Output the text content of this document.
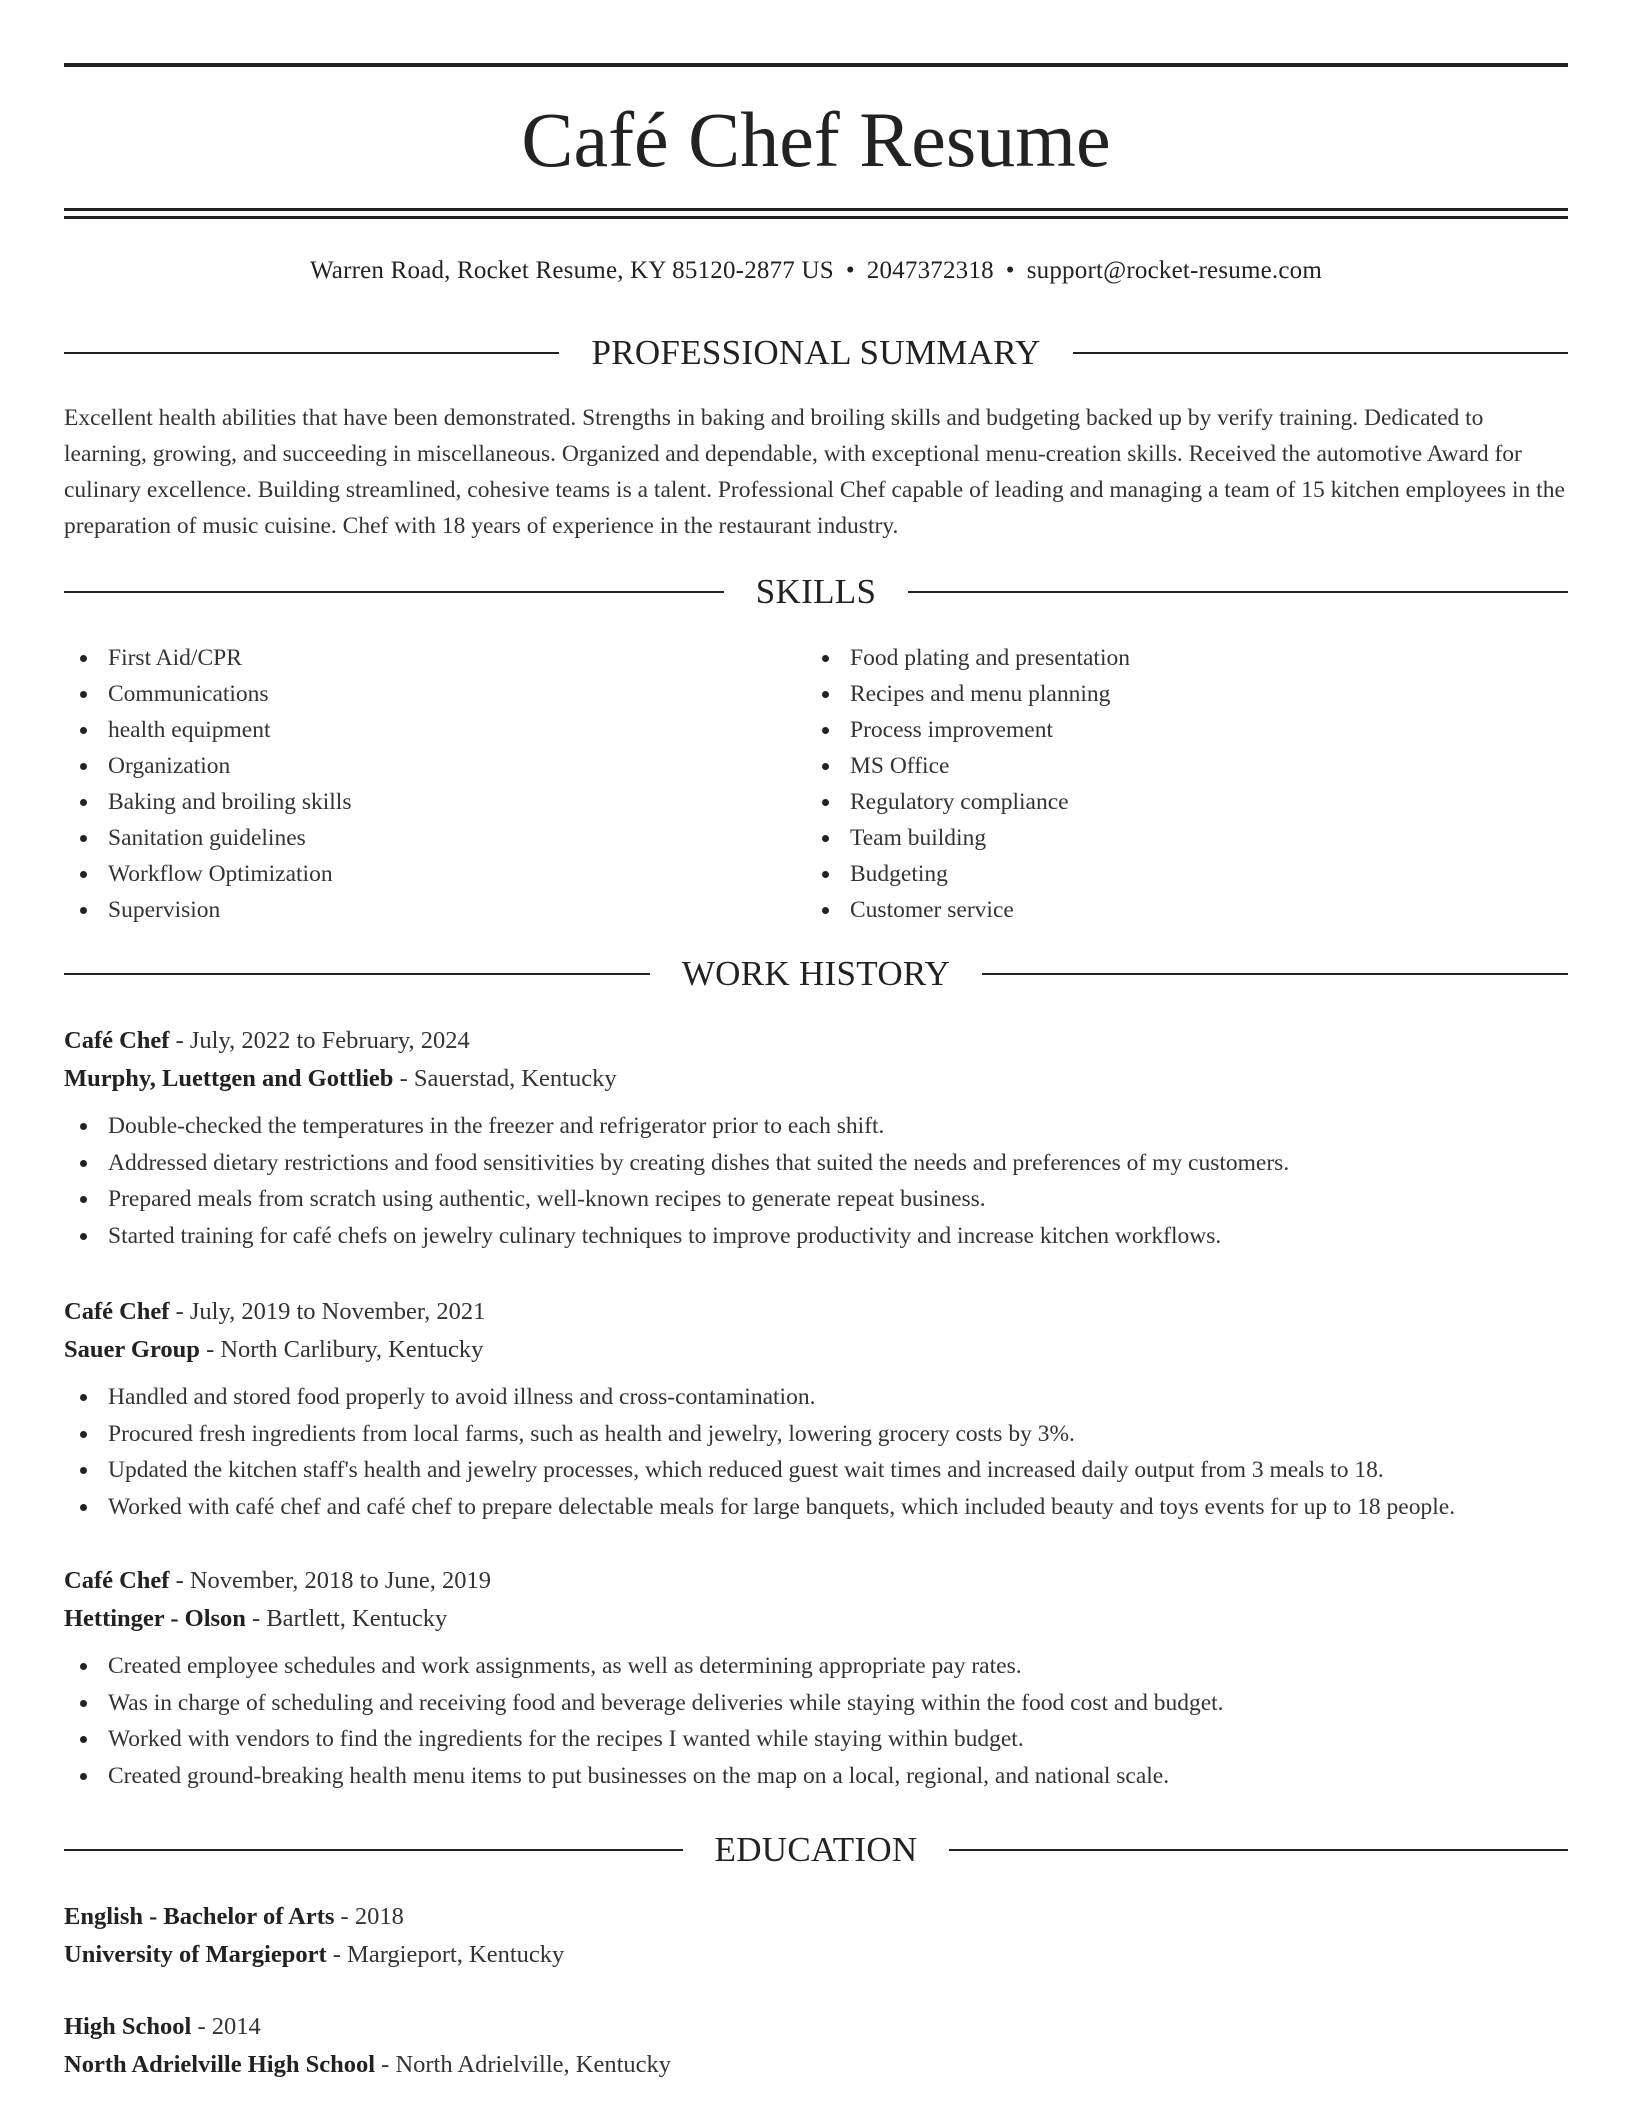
Café Chef Resume
Warren Road, Rocket Resume, KY 85120-2877 US • 2047372318 • support@rocket-resume.com
PROFESSIONAL SUMMARY

Excellent health abilities that have been demonstrated. Strengths in baking and broiling skills and budgeting backed up by verify training. Dedicated to learning, growing, and succeeding in miscellaneous. Organized and dependable, with exceptional menu-creation skills. Received the automotive Award for culinary excellence. Building streamlined, cohesive teams is a talent. Professional Chef capable of leading and managing a team of 15 kitchen employees in the preparation of music cuisine. Chef with 18 years of experience in the restaurant industry.

SKILLS
First Aid/CPR
Communications
health equipment
Organization
Baking and broiling skills
Sanitation guidelines
Workflow Optimization
Supervision
Food plating and presentation
Recipes and menu planning
Process improvement
MS Office
Regulatory compliance
Team building
Budgeting
Customer service
WORK HISTORY
Café Chef - July, 2022 to February, 2024
Murphy, Luettgen and Gottlieb - Sauerstad, Kentucky
Double-checked the temperatures in the freezer and refrigerator prior to each shift.
Addressed dietary restrictions and food sensitivities by creating dishes that suited the needs and preferences of my customers.
Prepared meals from scratch using authentic, well-known recipes to generate repeat business.
Started training for café chefs on jewelry culinary techniques to improve productivity and increase kitchen workflows.
Café Chef - July, 2019 to November, 2021
Sauer Group - North Carlibury, Kentucky
Handled and stored food properly to avoid illness and cross-contamination.
Procured fresh ingredients from local farms, such as health and jewelry, lowering grocery costs by 3%.
Updated the kitchen staff's health and jewelry processes, which reduced guest wait times and increased daily output from 3 meals to 18.
Worked with café chef and café chef to prepare delectable meals for large banquets, which included beauty and toys events for up to 18 people.
Café Chef - November, 2018 to June, 2019
Hettinger - Olson - Bartlett, Kentucky
Created employee schedules and work assignments, as well as determining appropriate pay rates.
Was in charge of scheduling and receiving food and beverage deliveries while staying within the food cost and budget.
Worked with vendors to find the ingredients for the recipes I wanted while staying within budget.
Created ground-breaking health menu items to put businesses on the map on a local, regional, and national scale.
EDUCATION
English - Bachelor of Arts - 2018
University of Margieport - Margieport, Kentucky
High School - 2014
North Adrielville High School - North Adrielville, Kentucky
